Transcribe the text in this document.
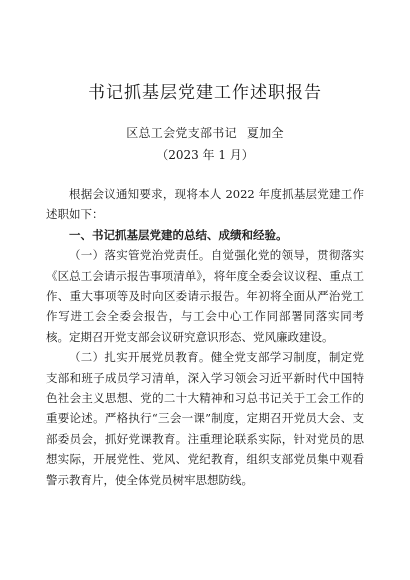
书记抓基层党建工作述职报告

区总工会党支部书记 夏加全

（2023 年 1 月）

根据会议通知要求，现将本人 2022 年度抓基层党建工作述职如下：

一、书记抓基层党建的总结、成绩和经验。

（一）落实管党治党责任。自觉强化党的领导，贯彻落实《区总工会请示报告事项清单》，将年度全委会议议程、重点工作、重大事项等及时向区委请示报告。年初将全面从严治党工作写进工会全委会报告，与工会中心工作同部署同落实同考核。定期召开党支部会议研究意识形态、党风廉政建设。

（二）扎实开展党员教育。健全党支部学习制度，制定党支部和班子成员学习清单，深入学习领会习近平新时代中国特色社会主义思想、党的二十大精神和习总书记关于工会工作的重要论述。严格执行“三会一课”制度，定期召开党员大会、支部委员会，抓好党课教育。注重理论联系实际，针对党员的思想实际，开展党性、党风、党纪教育，组织支部党员集中观看警示教育片，使全体党员树牢思想防线。
